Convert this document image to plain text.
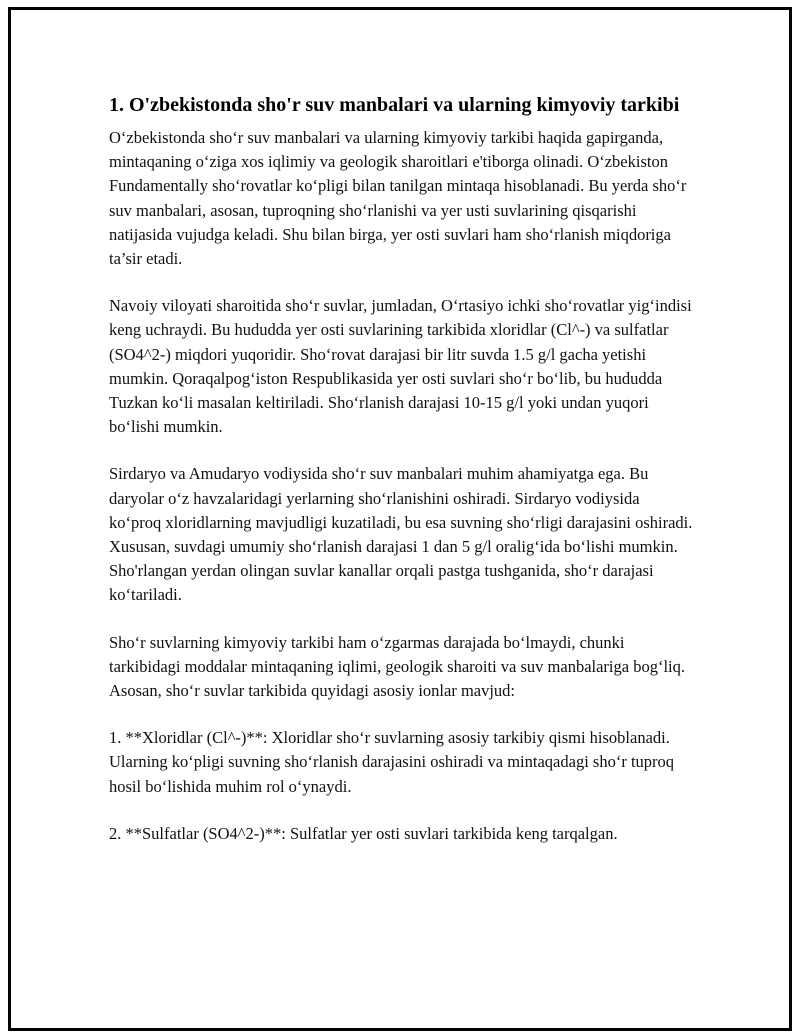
1. O'zbekistonda sho'r suv manbalari va ularning kimyoviy tarkibi

O‘zbekistonda sho‘r suv manbalari va ularning kimyoviy tarkibi haqida gapirganda, mintaqaning o‘ziga xos iqlimiy va geologik sharoitlari e'tiborga olinadi. O‘zbekiston Fundamentally sho‘rovatlar ko‘pligi bilan tanilgan mintaqa hisoblanadi. Bu yerda sho‘r suv manbalari, asosan, tuproqning sho‘rlanishi va yer usti suvlarining qisqarishi natijasida vujudga keladi. Shu bilan birga, yer osti suvlari ham sho‘rlanish miqdoriga ta’sir etadi.

Navoiy viloyati sharoitida sho‘r suvlar, jumladan, O‘rtasiyo ichki sho‘rovatlar yig‘indisi keng uchraydi. Bu hududda yer osti suvlarining tarkibida xloridlar (Cl^-) va sulfatlar (SO4^2-) miqdori yuqoridir. Sho‘rovat darajasi bir litr suvda 1.5 g/l gacha yetishi mumkin. Qoraqalpog‘iston Respublikasida yer osti suvlari sho‘r bo‘lib, bu hududda Tuzkan ko‘li masalan keltiriladi. Sho‘rlanish darajasi 10-15 g/l yoki undan yuqori bo‘lishi mumkin.

Sirdaryo va Amudaryo vodiysida sho‘r suv manbalari muhim ahamiyatga ega. Bu daryolar o‘z havzalaridagi yerlarning sho‘rlanishini oshiradi. Sirdaryo vodiysida ko‘proq xloridlarning mavjudligi kuzatiladi, bu esa suvning sho‘rligi darajasini oshiradi. Xususan, suvdagi umumiy sho‘rlanish darajasi 1 dan 5 g/l oralig‘ida bo‘lishi mumkin. Sho'rlangan yerdan olingan suvlar kanallar orqali pastga tushganida, sho‘r darajasi ko‘tariladi.

Sho‘r suvlarning kimyoviy tarkibi ham o‘zgarmas darajada bo‘lmaydi, chunki tarkibidagi moddalar mintaqaning iqlimi, geologik sharoiti va suv manbalariga bog‘liq. Asosan, sho‘r suvlar tarkibida quyidagi asosiy ionlar mavjud:

1. **Xloridlar (Cl^-)**: Xloridlar sho‘r suvlarning asosiy tarkibiy qismi hisoblanadi. Ularning ko‘pligi suvning sho‘rlanish darajasini oshiradi va mintaqadagi sho‘r tuproq hosil bo‘lishida muhim rol o‘ynaydi.

2. **Sulfatlar (SO4^2-)**: Sulfatlar yer osti suvlari tarkibida keng tarqalgan.
